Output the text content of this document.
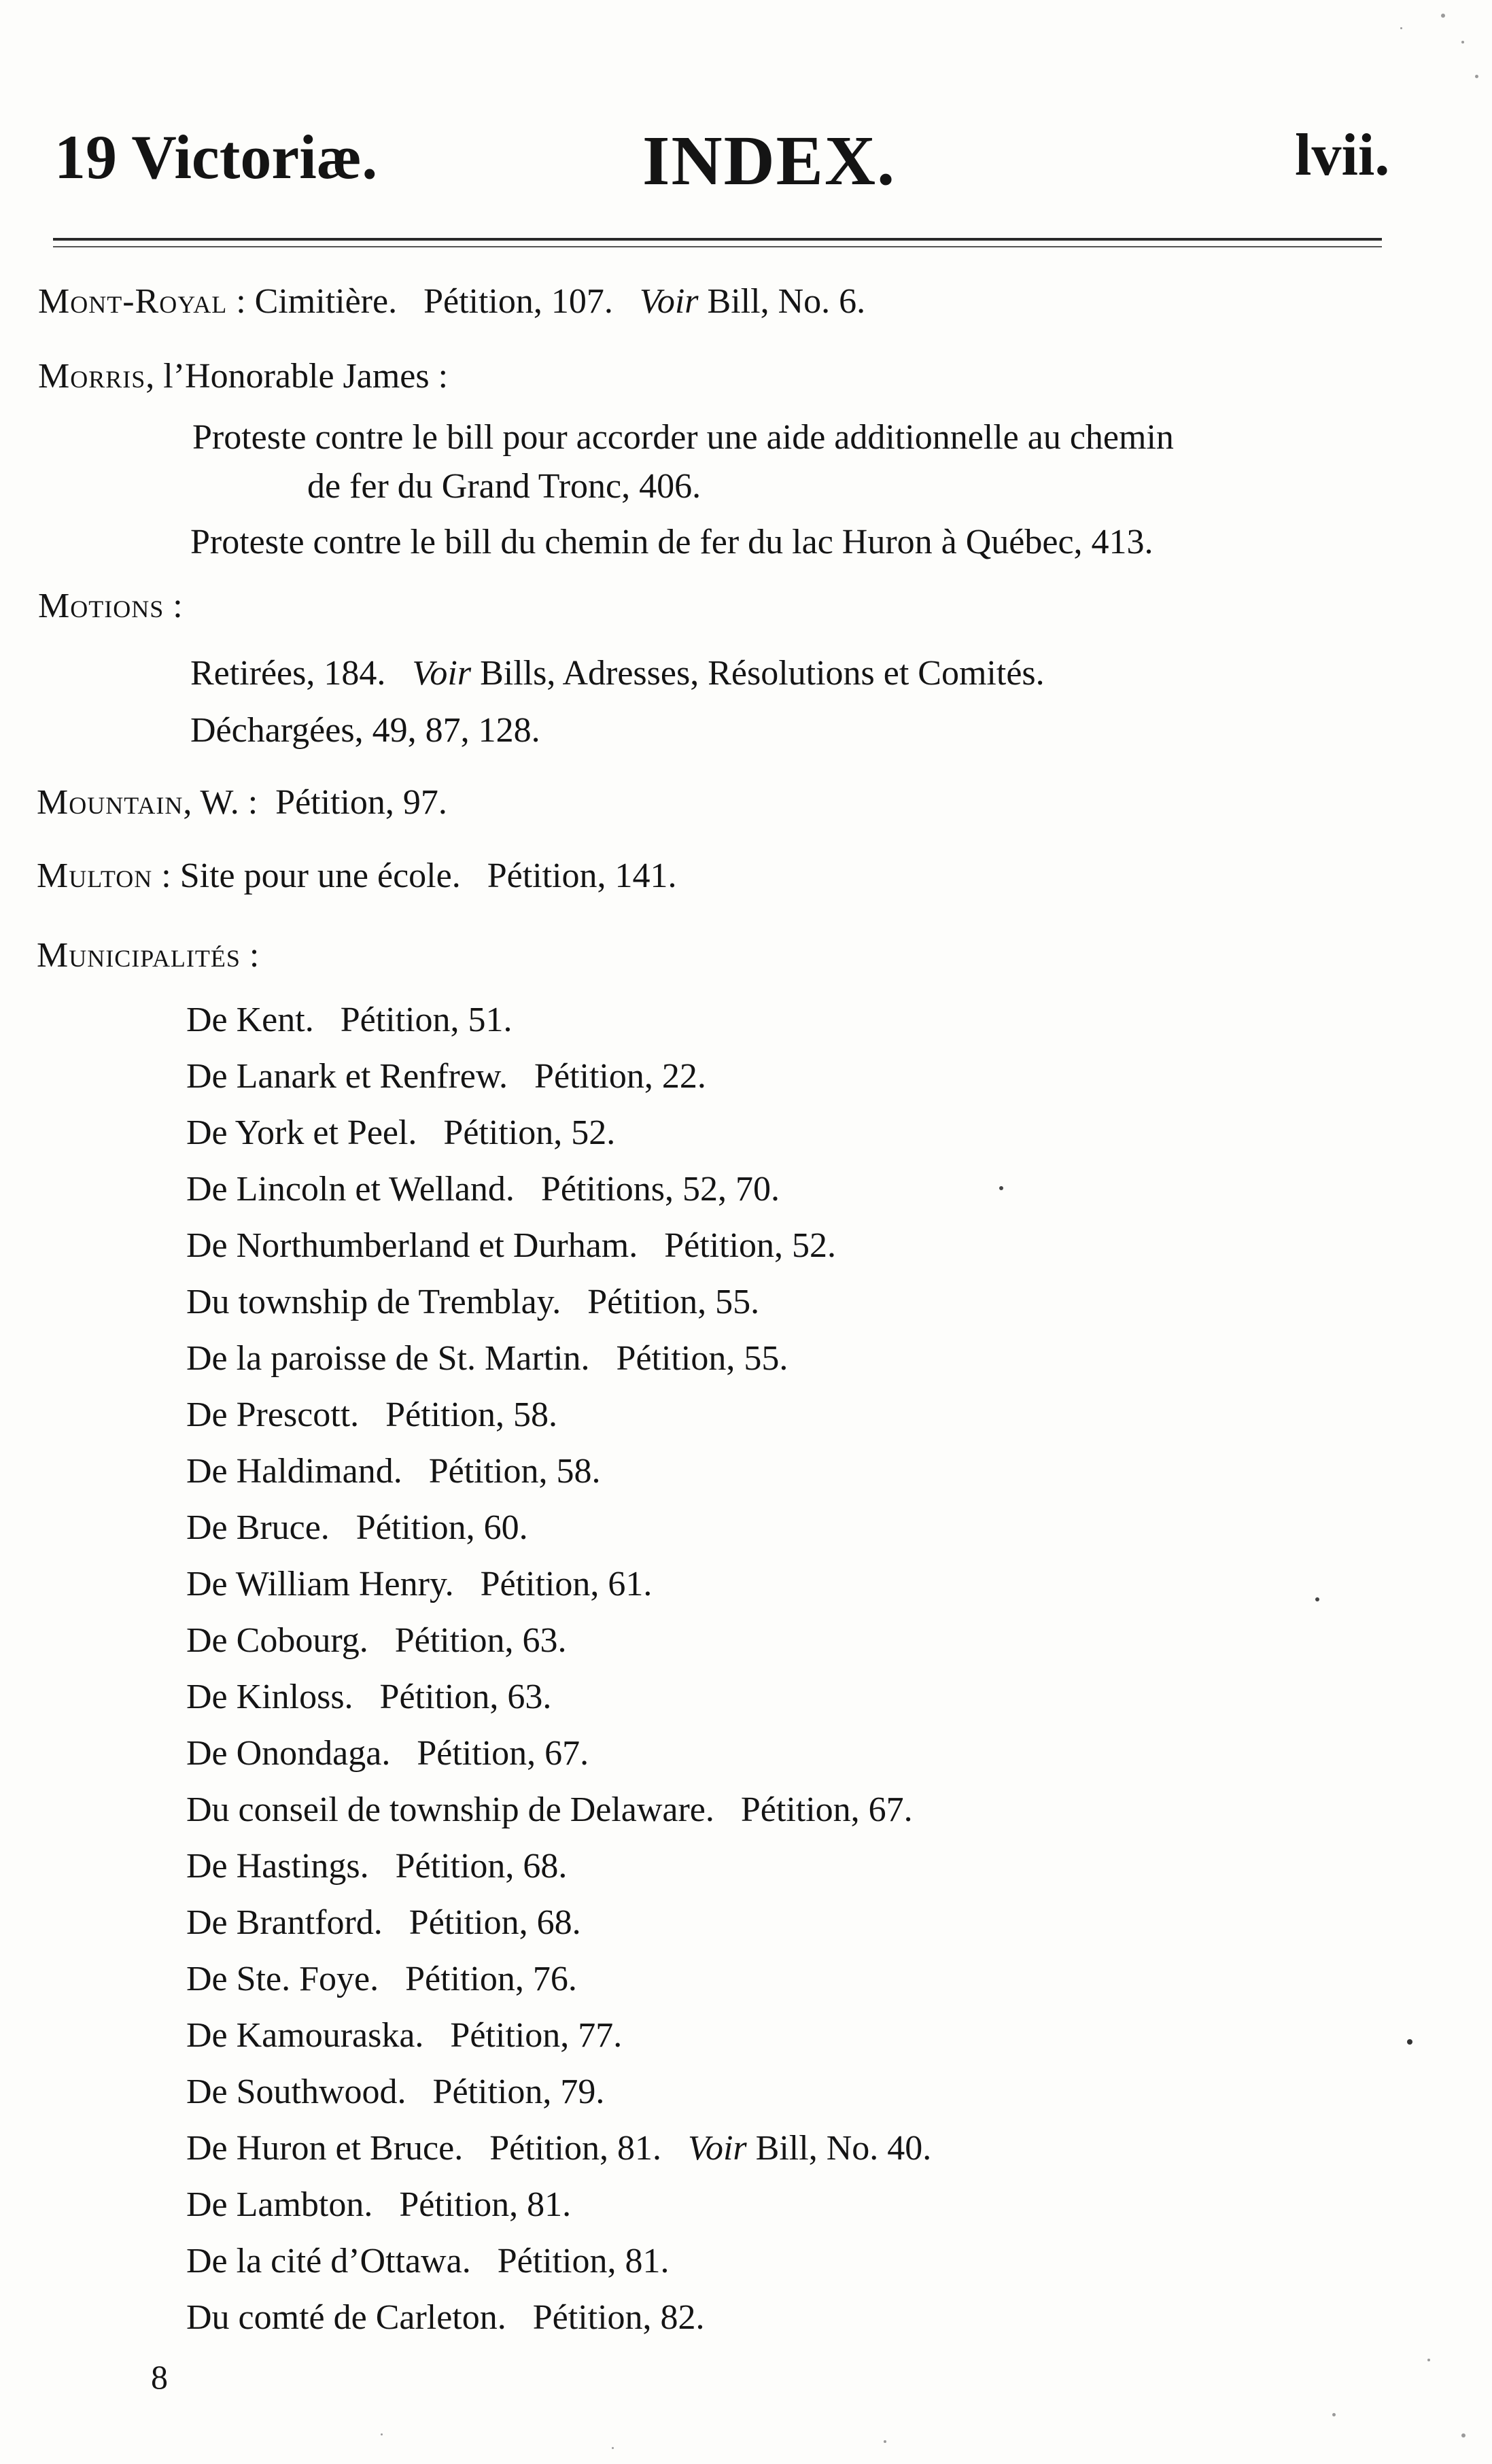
19 Victoriæ.	INDEX.	lvii.
Mont-Royal : Cimitière.   Pétition, 107.   Voir Bill, No. 6.
Morris, l’Honorable James :
Proteste contre le bill pour accorder une aide additionnelle au chemin
de fer du Grand Tronc, 406.
Proteste contre le bill du chemin de fer du lac Huron à Québec, 413.
Motions :
Retirées, 184.   Voir Bills, Adresses, Résolutions et Comités.
Déchargées, 49, 87, 128.
Mountain, W. :  Pétition, 97.
Multon : Site pour une école.   Pétition, 141.
Municipalités :
De Kent.   Pétition, 51.
De Lanark et Renfrew.   Pétition, 22.
De York et Peel.   Pétition, 52.
De Lincoln et Welland.   Pétitions, 52, 70.
De Northumberland et Durham.   Pétition, 52.
Du township de Tremblay.   Pétition, 55.
De la paroisse de St. Martin.   Pétition, 55.
De Prescott.   Pétition, 58.
De Haldimand.   Pétition, 58.
De Bruce.   Pétition, 60.
De William Henry.   Pétition, 61.
De Cobourg.   Pétition, 63.
De Kinloss.   Pétition, 63.
De Onondaga.   Pétition, 67.
Du conseil de township de Delaware.   Pétition, 67.
De Hastings.   Pétition, 68.
De Brantford.   Pétition, 68.
De Ste. Foye.   Pétition, 76.
De Kamouraska.   Pétition, 77.
De Southwood.   Pétition, 79.
De Huron et Bruce.   Pétition, 81. Voir Bill, No. 40.
De Lambton.   Pétition, 81.
De la cité d’Ottawa.   Pétition, 81.
Du comté de Carleton.   Pétition, 82.
8
